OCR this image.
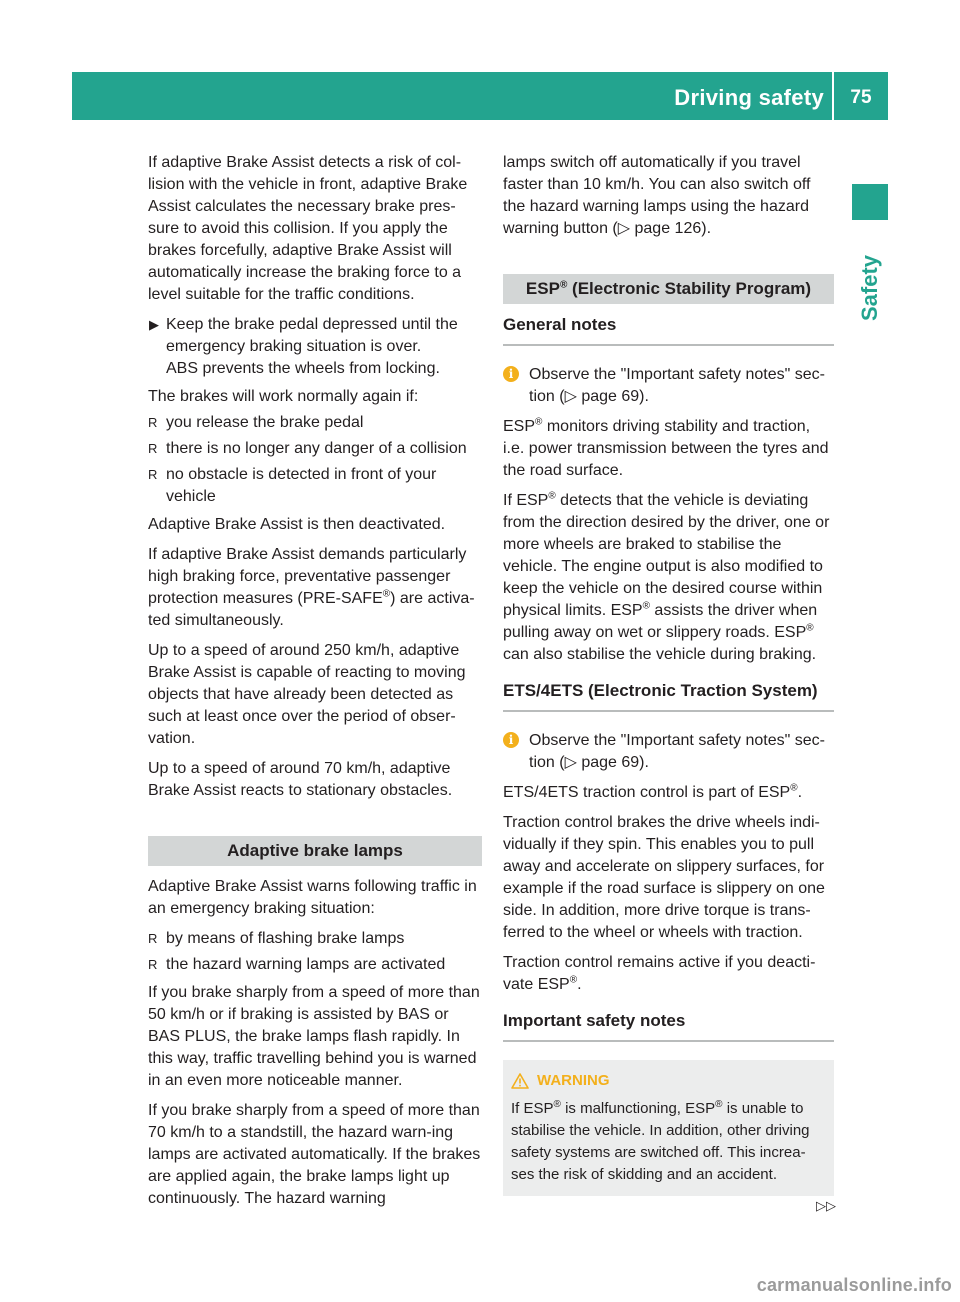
Driving safety systems
75
Safety

If adaptive Brake Assist detects a risk of col-lision with the vehicle in front, adaptive Brake Assist calculates the necessary brake pres-sure to avoid this collision. If you apply the brakes forcefully, adaptive Brake Assist will automatically increase the braking force to a level suitable for the traffic conditions.

▶ Keep the brake pedal depressed until the emergency braking situation is over.
ABS prevents the wheels from locking.

The brakes will work normally again if:

R you release the brake pedal
R there is no longer any danger of a collision
R no obstacle is detected in front of your vehicle

Adaptive Brake Assist is then deactivated.

If adaptive Brake Assist demands particularly high braking force, preventative passenger protection measures (PRE-SAFE®) are activa-ted simultaneously.

Up to a speed of around 250 km/h, adaptive Brake Assist is capable of reacting to moving objects that have already been detected as such at least once over the period of obser-vation.

Up to a speed of around 70 km/h, adaptive Brake Assist reacts to stationary obstacles.

Adaptive brake lamps

Adaptive Brake Assist warns following traffic in an emergency braking situation:

R by means of flashing brake lamps
R the hazard warning lamps are activated

If you brake sharply from a speed of more than 50 km/h or if braking is assisted by BAS or BAS PLUS, the brake lamps flash rapidly. In this way, traffic travelling behind you is warned in an even more noticeable manner.

If you brake sharply from a speed of more than 70 km/h to a standstill, the hazard warn-ing lamps are activated automatically. If the brakes are applied again, the brake lamps light up continuously. The hazard warning

lamps switch off automatically if you travel faster than 10 km/h. You can also switch off the hazard warning lamps using the hazard warning button (▷ page 126).

ESP® (Electronic Stability Program)
General notes
i Observe the "Important safety notes" sec-tion (▷ page 69).

ESP® monitors driving stability and traction, i.e. power transmission between the tyres and the road surface.

If ESP® detects that the vehicle is deviating from the direction desired by the driver, one or more wheels are braked to stabilise the vehicle. The engine output is also modified to keep the vehicle on the desired course within physical limits. ESP® assists the driver when pulling away on wet or slippery roads. ESP® can also stabilise the vehicle during braking.

ETS/4ETS (Electronic Traction System)
i Observe the "Important safety notes" sec-tion (▷ page 69).

ETS/4ETS traction control is part of ESP®.

Traction control brakes the drive wheels indi-vidually if they spin. This enables you to pull away and accelerate on slippery surfaces, for example if the road surface is slippery on one side. In addition, more drive torque is trans-ferred to the wheel or wheels with traction.

Traction control remains active if you deacti-vate ESP®.

Important safety notes
WARNING
If ESP® is malfunctioning, ESP® is unable to stabilise the vehicle. In addition, other driving safety systems are switched off. This increa-ses the risk of skidding and an accident.
▷▷
carmanualsonline.info
